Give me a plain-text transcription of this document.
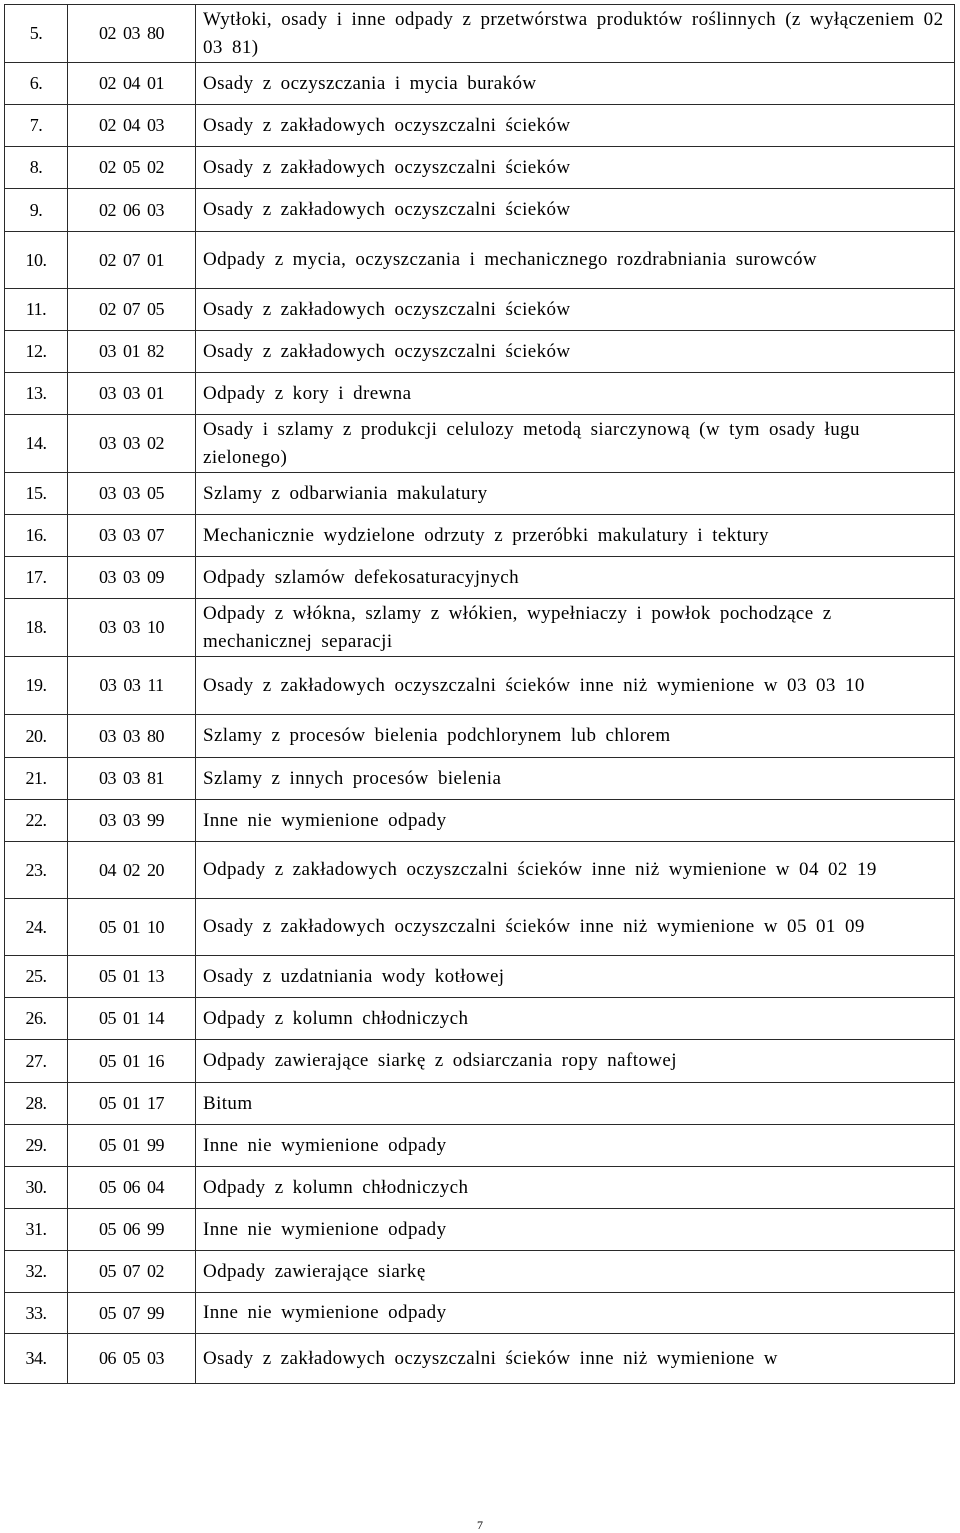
5.	02 03 80	Wytłoki, osady i inne odpady z przetwórstwa produktów roślinnych (z wyłączeniem 02 03 81)
6.	02 04 01	Osady z oczyszczania i mycia buraków
7.	02 04 03	Osady z zakładowych oczyszczalni ścieków
8.	02 05 02	Osady z zakładowych oczyszczalni ścieków
9.	02 06 03	Osady z zakładowych oczyszczalni ścieków
10.	02 07 01	Odpady z mycia, oczyszczania i mechanicznego rozdrabniania surowców
11.	02 07 05	Osady z zakładowych oczyszczalni ścieków
12.	03 01 82	Osady z zakładowych oczyszczalni ścieków
13.	03 03 01	Odpady z kory i drewna
14.	03 03 02	Osady i szlamy z produkcji celulozy metodą siarczynową (w tym osady ługu zielonego)
15.	03 03 05	Szlamy z odbarwiania makulatury
16.	03 03 07	Mechanicznie wydzielone odrzuty z przeróbki makulatury i tektury
17.	03 03 09	Odpady szlamów defekosaturacyjnych
18.	03 03 10	Odpady z włókna, szlamy z włókien, wypełniaczy i powłok pochodzące z mechanicznej separacji
19.	03 03 11	Osady z zakładowych oczyszczalni ścieków inne niż wymienione w 03 03 10
20.	03 03 80	Szlamy z procesów bielenia podchlorynem lub chlorem
21.	03 03 81	Szlamy z innych procesów bielenia
22.	03 03 99	Inne nie wymienione odpady
23.	04 02 20	Odpady z zakładowych oczyszczalni ścieków inne niż wymienione w 04 02 19
24.	05 01 10	Osady z zakładowych oczyszczalni ścieków inne niż wymienione w 05 01 09
25.	05 01 13	Osady z uzdatniania wody kotłowej
26.	05 01 14	Odpady z kolumn chłodniczych
27.	05 01 16	Odpady zawierające siarkę z odsiarczania ropy naftowej
28.	05 01 17	Bitum
29.	05 01 99	Inne nie wymienione odpady
30.	05 06 04	Odpady z kolumn chłodniczych
31.	05 06 99	Inne nie wymienione odpady
32.	05 07 02	Odpady zawierające siarkę
33.	05 07 99	Inne nie wymienione odpady
34.	06 05 03	Osady z zakładowych oczyszczalni ścieków inne niż wymienione w
7
